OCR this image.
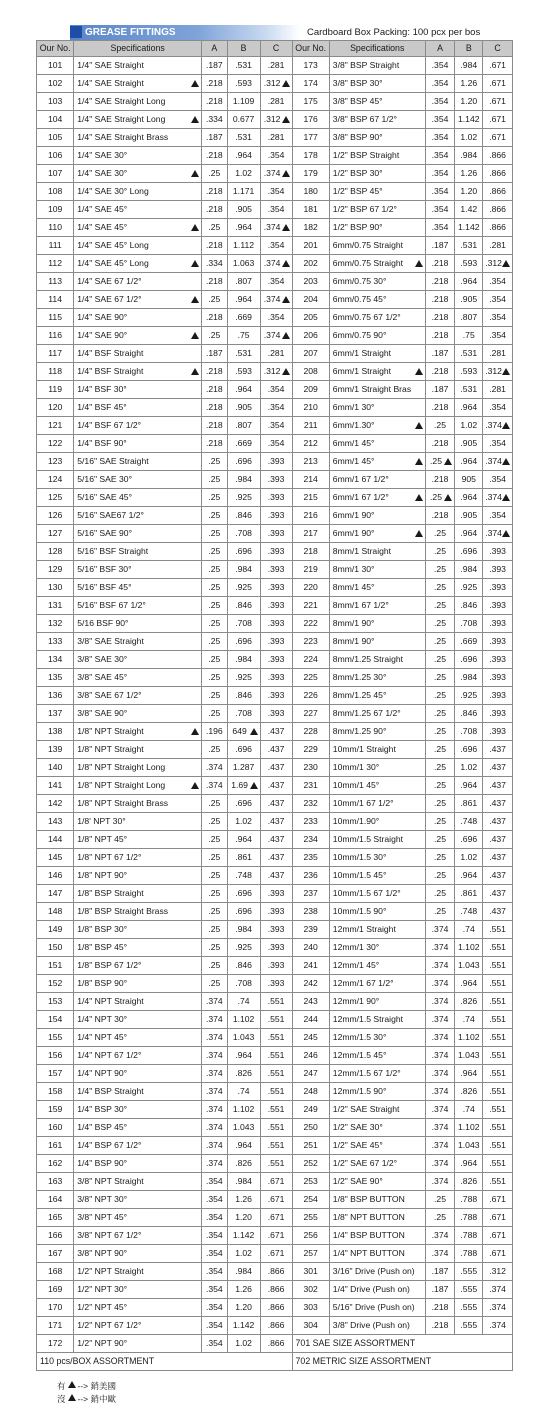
GREASE FITTINGS	Cardboard Box Packing: 100 pcx per bos
Our No.	Specifications	A	B	C	Our No.	Specifications	A	B	C
101	1/4" SAE Straight	.187	.531	.281	173	3/8" BSP Straight	.354	.984	.671
102	1/4" SAE Straight	.218	.593	.312	174	3/8" BSP 30°	.354	1.26	.671
103	1/4" SAE Straight Long	.218	1.109	.281	175	3/8" BSP 45°	.354	1.20	.671
104	1/4" SAE Straight Long	.334	0.677	.312	176	3/8" BSP 67 1/2°	.354	1.142	.671
105	1/4" SAE Straight Brass	.187	.531	.281	177	3/8" BSP 90°	.354	1.02	.671
106	1/4" SAE 30°	.218	.964	.354	178	1/2" BSP Straight	.354	.984	.866
107	1/4" SAE 30°	.25	1.02	.374	179	1/2" BSP 30°	.354	1.26	.866
108	1/4" SAE 30° Long	.218	1.171	.354	180	1/2" BSP 45°	.354	1.20	.866
109	1/4" SAE 45°	.218	.905	.354	181	1/2" BSP 67 1/2°	.354	1.42	.866
110	1/4" SAE 45°	.25	.964	.374	182	1/2" BSP 90°	.354	1.142	.866
111	1/4" SAE 45° Long	.218	1.112	.354	201	6mm/0.75 Straight	.187	.531	.281
112	1/4" SAE 45° Long	.334	1.063	.374	202	6mm/0.75 Straight	.218	.593	.312

113	1/4" SAE 67 1/2°	.218	.807	.354	203	6mm/0.75 30°	.218	.964	.354
114	1/4" SAE 67 1/2°	.25	.964	.374	204	6mm/0.75 45°	.218	.905	.354
115	1/4" SAE 90°	.218	.669	.354	205	6mm/0.75 67 1/2°	.218	.807	.354
116	1/4" SAE 90°	.25	.75	.374	206	6mm/0.75 90°	.218	.75	.354
117	1/4" BSF Straight	.187	.531	.281	207	6mm/1 Straight	.187	.531	.281
118	1/4" BSF Straight	.218	.593	.312	208	6mm/1 Straight	.218	.593	.312

119	1/4" BSF 30°	.218	.964	.354	209	6mm/1 Straight Bras	.187	.531	.281
120	1/4" BSF 45°	.218	.905	.354	210	6mm/1 30°	.218	.964	.354
121	1/4" BSF 67 1/2°	.218	.807	.354	211	6mm/1.30°	.25	1.02	.374

122	1/4" BSF 90°	.218	.669	.354	212	6mm/1 45°	.218	.905	.354
123	5/16" SAE Straight	.25	.696	.393	213	6mm/1 45°	.25	.964	.374

124	5/16" SAE 30°	.25	.984	.393	214	6mm/1 67 1/2°	.218	905	.354
125	5/16" SAE 45°	.25	.925	.393	215	6mm/1 67 1/2°	.25	.964	.374

126	5/16" SAE67 1/2°	.25	.846	.393	216	6mm/1 90°	.218	.905	.354
127	5/16" SAE 90°	.25	.708	.393	217	6mm/1 90°	.25	.964	.374

128	5/16" BSF Straight	.25	.696	.393	218	8mm/1 Straight	.25	.696	.393
129	5/16" BSF 30°	.25	.984	.393	219	8mm/1 30°	.25	.984	.393
130	5/16" BSF 45°	.25	.925	.393	220	8mm/1 45°	.25	.925	.393
131	5/16" BSF 67 1/2°	.25	.846	.393	221	8mm/1 67 1/2°	.25	.846	.393
132	5/16 BSF 90°	.25	.708	.393	222	8mm/1 90°	.25	.708	.393
133	3/8" SAE Straight	.25	.696	.393	223	8mm/1 90°	.25	.669	.393
134	3/8" SAE 30°	.25	.984	.393	224	8mm/1.25 Straight	.25	.696	.393
135	3/8" SAE 45°	.25	.925	.393	225	8mm/1.25 30°	.25	.984	.393
136	3/8" SAE 67 1/2°	.25	.846	.393	226	8mm/1.25 45°	.25	.925	.393
137	3/8" SAE 90°	.25	.708	.393	227	8mm/1.25 67 1/2°	.25	.846	.393
138	1/8" NPT Straight	.196	649	.437	228	8mm/1.25 90°	.25	.708	.393
139	1/8" NPT Straight	.25	.696	.437	229	10mm/1 Straight	.25	.696	.437
140	1/8" NPT Straight Long	.374	1.287	.437	230	10mm/1 30°	.25	1.02	.437
141	1/8" NPT Straight Long	.374	1.69	.437	231	10mm/1 45°	.25	.964	.437
142	1/8" NPT Straight Brass	.25	.696	.437	232	10mm/1 67 1/2°	.25	.861	.437
143	1/8' NPT 30°	.25	1.02	.437	233	10mm/1.90°	.25	.748	.437
144	1/8" NPT 45°	.25	.964	.437	234	10mm/1.5 Straight	.25	.696	.437
145	1/8" NPT 67 1/2°	.25	.861	.437	235	10mm/1.5 30°	.25	1.02	.437
146	1/8" NPT 90°	.25	.748	.437	236	10mm/1.5 45°	.25	.964	.437
147	1/8" BSP Straight	.25	.696	.393	237	10mm/1.5 67 1/2°	.25	.861	.437
148	1/8" BSP Straight Brass	.25	.696	.393	238	10mm/1.5 90°	.25	.748	.437
149	1/8" BSP 30°	.25	.984	.393	239	12mm/1 Straight	.374	.74	.551
150	1/8" BSP 45°	.25	.925	.393	240	12mm/1 30°	.374	1.102	.551
151	1/8" BSP 67 1/2°	.25	.846	.393	241	12mm/1 45°	.374	1.043	.551
152	1/8" BSP 90°	.25	.708	.393	242	12mm/1 67 1/2°	.374	.964	.551
153	1/4" NPT Straight	.374	.74	.551	243	12mm/1 90°	.374	.826	.551
154	1/4" NPT 30°	.374	1.102	.551	244	12mm/1.5 Straight	.374	.74	.551
155	1/4" NPT 45°	.374	1.043	.551	245	12mm/1.5 30°	.374	1.102	.551
156	1/4" NPT 67 1/2°	.374	.964	.551	246	12mm/1.5 45°	.374	1.043	.551
157	1/4" NPT 90°	.374	.826	.551	247	12mm/1.5 67 1/2°	.374	.964	.551
158	1/4" BSP Straight	.374	.74	.551	248	12mm/1.5 90°	.374	.826	.551
159	1/4" BSP 30°	.374	1.102	.551	249	1/2" SAE Straight	.374	.74	.551
160	1/4" BSP 45°	.374	1.043	.551	250	1/2" SAE 30°	.374	1.102	.551
161	1/4" BSP 67 1/2°	.374	.964	.551	251	1/2" SAE 45°	.374	1.043	.551
162	1/4" BSP 90°	.374	.826	.551	252	1/2" SAE 67 1/2°	.374	.964	.551
163	3/8" NPT Straight	.354	.984	.671	253	1/2" SAE 90°	.374	.826	.551
164	3/8" NPT 30°	.354	1.26	.671	254	1/8" BSP BUTTON	.25	.788	.671
165	3/8" NPT 45°	.354	1.20	.671	255	1/8" NPT BUTTON	.25	.788	.671
166	3/8" NPT 67 1/2°	.354	1.142	.671	256	1/4" BSP BUTTON	.374	.788	.671
167	3/8" NPT 90°	.354	1.02	.671	257	1/4" NPT BUTTON	.374	.788	.671
168	1/2" NPT Straight	.354	.984	.866	301	3/16" Drive (Push on)	.187	.555	.312
169	1/2" NPT 30°	.354	1.26	.866	302	1/4" Drive (Push on)	.187	.555	.374
170	1/2" NPT 45°	.354	1.20	.866	303	5/16" Drive (Push on)	.218	.555	.374
171	1/2" NPT 67 1/2°	.354	1.142	.866	304	3/8" Drive (Push on)	.218	.555	.374
172	1/2" NPT 90°	.354	1.02	.866	701 SAE SIZE ASSORTMENT				
110 pcs/BOX ASSORTMENT					702 METRIC SIZE ASSORTMENT				
有 --> 銷美國
沒 --> 銷中歐
